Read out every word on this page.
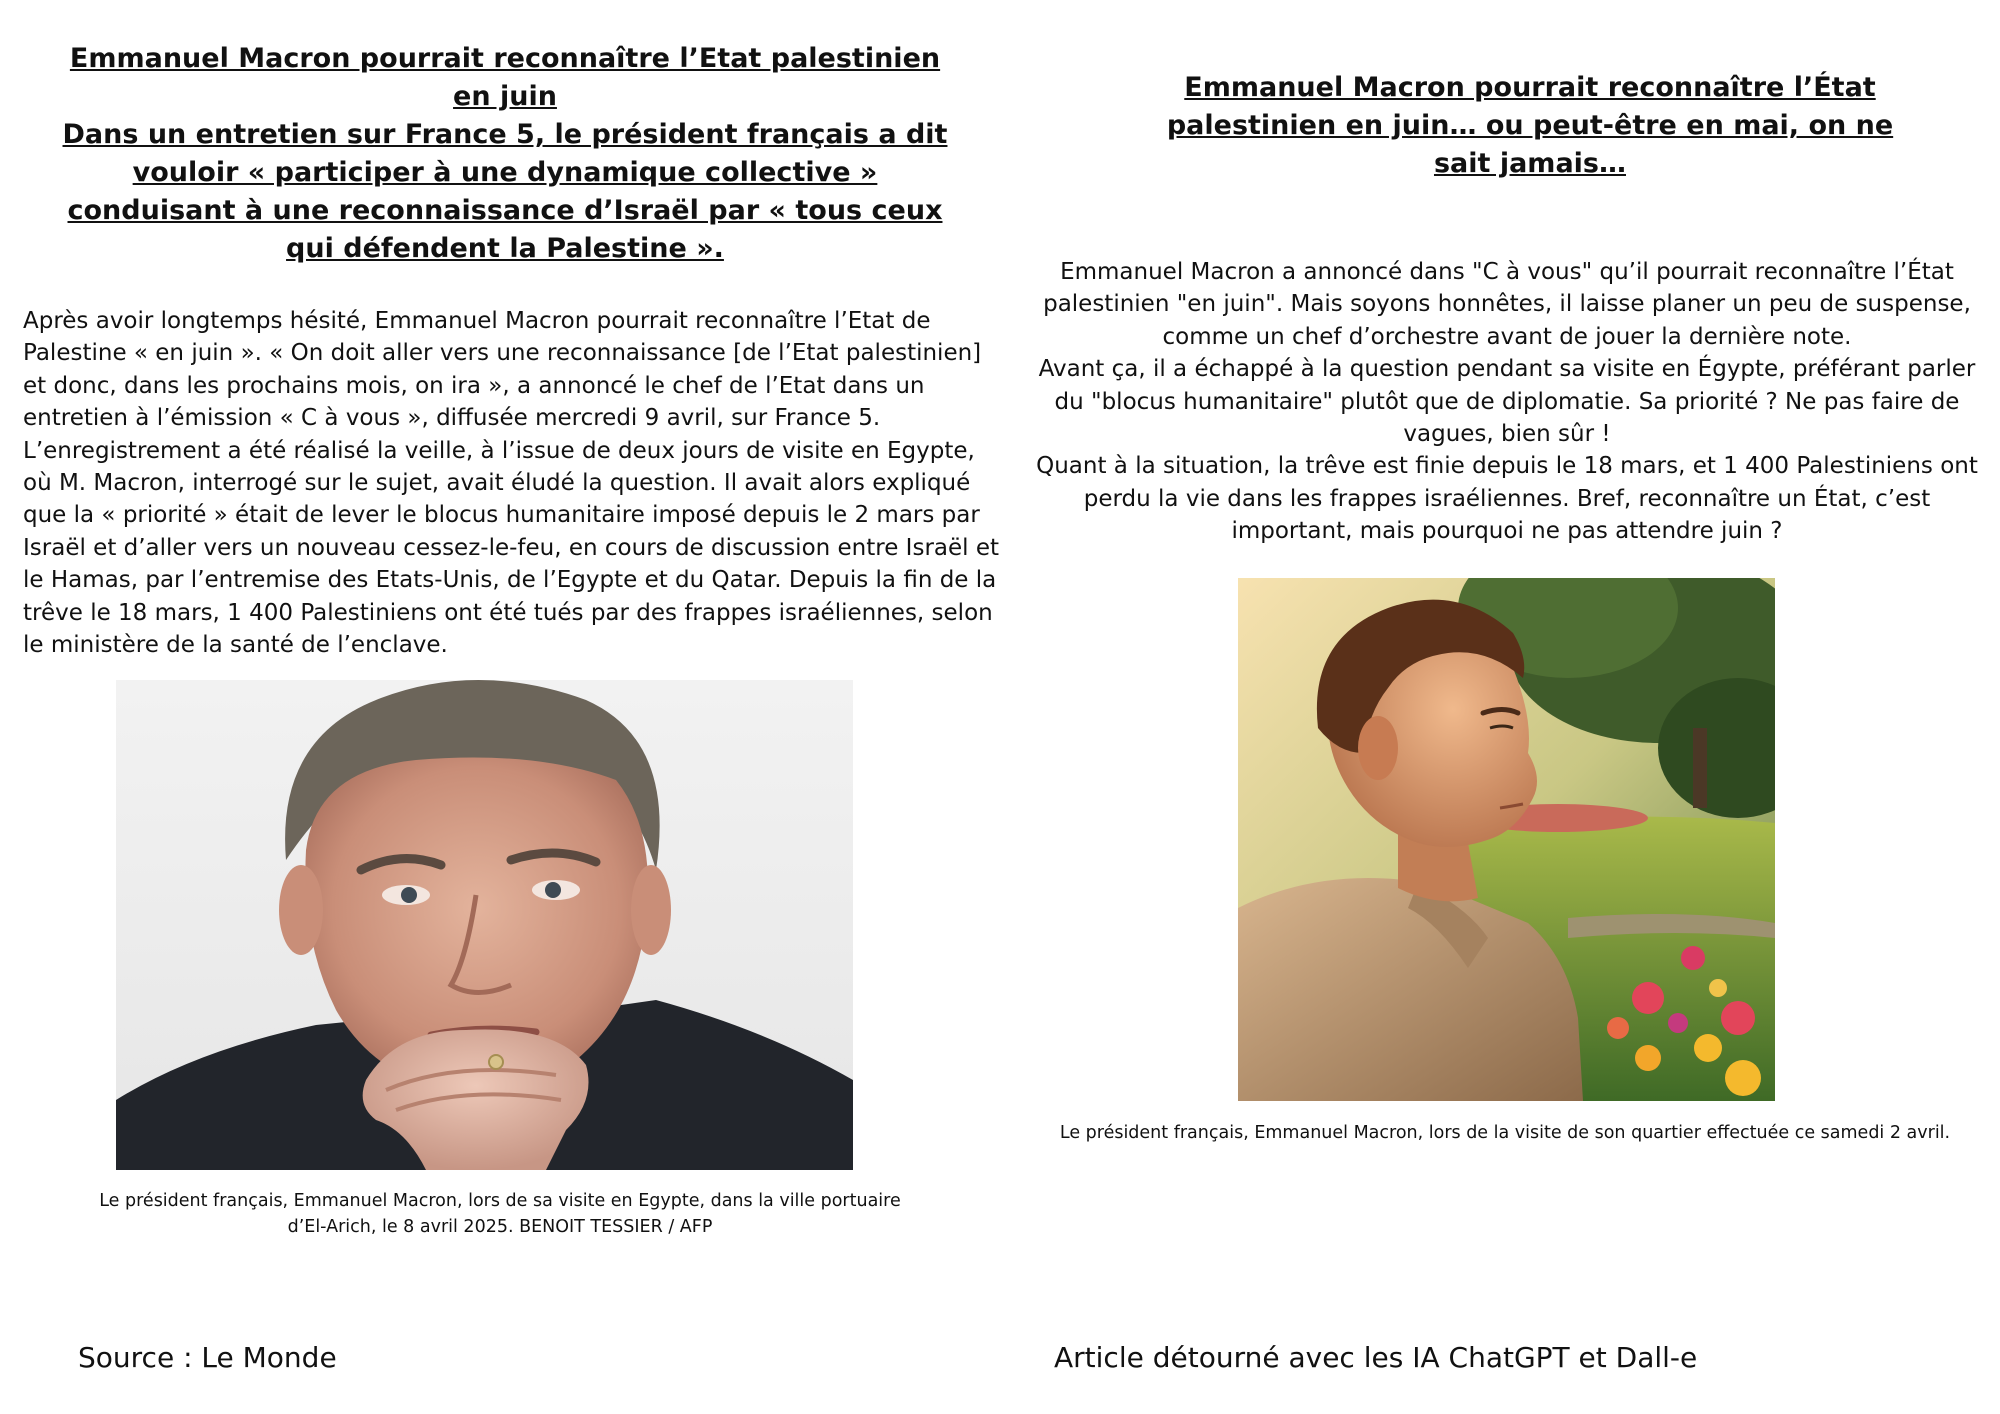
Emmanuel Macron pourrait reconnaître l’Etat palestinien en juin
Dans un entretien sur France 5, le président français a dit vouloir « participer à une dynamique collective » conduisant à une reconnaissance d’Israël par « tous ceux qui défendent la Palestine ».

Après avoir longtemps hésité, Emmanuel Macron pourrait reconnaître l’Etat de Palestine « en juin ». « On doit aller vers une reconnaissance [de l’Etat palestinien] et donc, dans les prochains mois, on ira », a annoncé le chef de l’Etat dans un entretien à l’émission « C à vous », diffusée mercredi 9 avril, sur France 5. L’enregistrement a été réalisé la veille, à l’issue de deux jours de visite en Egypte, où M. Macron, interrogé sur le sujet, avait éludé la question. Il avait alors expliqué que la « priorité » était de lever le blocus humanitaire imposé depuis le 2 mars par Israël et d’aller vers un nouveau cessez-le-feu, en cours de discussion entre Israël et le Hamas, par l’entremise des Etats-Unis, de l’Egypte et du Qatar. Depuis la fin de la trêve le 18 mars, 1 400 Palestiniens ont été tués par des frappes israéliennes, selon le ministère de la santé de l’enclave.

Le président français, Emmanuel Macron, lors de sa visite en Egypte, dans la ville portuaire d’El-Arich, le 8 avril 2025. BENOIT TESSIER / AFP

Source : Le Monde

Emmanuel Macron pourrait reconnaître l’État palestinien en juin… ou peut-être en mai, on ne sait jamais…

Emmanuel Macron a annoncé dans "C à vous" qu’il pourrait reconnaître l’État palestinien "en juin". Mais soyons honnêtes, il laisse planer un peu de suspense, comme un chef d’orchestre avant de jouer la dernière note.

Avant ça, il a échappé à la question pendant sa visite en Égypte, préférant parler du "blocus humanitaire" plutôt que de diplomatie. Sa priorité ? Ne pas faire de vagues, bien sûr !

Quant à la situation, la trêve est finie depuis le 18 mars, et 1 400 Palestiniens ont perdu la vie dans les frappes israéliennes. Bref, reconnaître un État, c’est important, mais pourquoi ne pas attendre juin ?

Le président français, Emmanuel Macron, lors de la visite de son quartier effectuée ce samedi 2 avril.

Article détourné avec les IA ChatGPT et Dall-e
